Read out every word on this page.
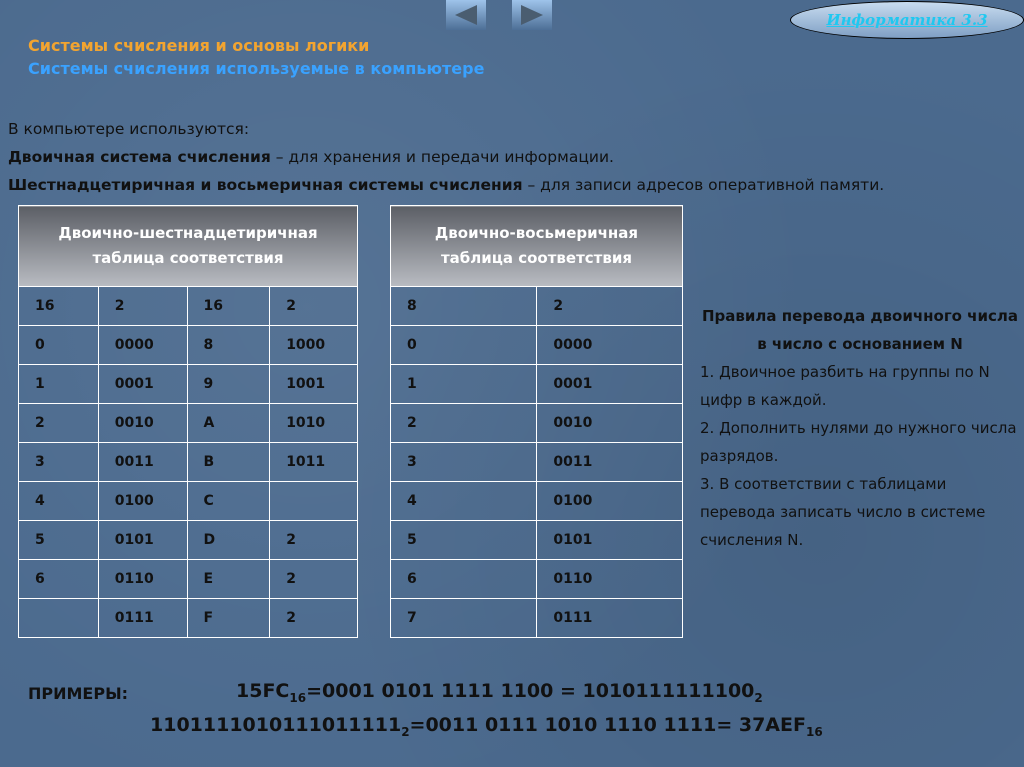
Информатика 3.3
Системы счисления и основы логики
Системы счисления используемые в компьютере
В компьютере используются:
Двоичная система счисления – для хранения и передачи информации.
Шестнадцетиричная и восьмеричная системы счисления – для записи адресов оперативной памяти.
Двоично-шестнадцетиричная
таблица соответствия			
16	2	16	2
0	0000	8	1000
1	0001	9	1001
2	0010	A	1010
3	0011	B	1011
4	0100	C	
5	0101	D	2
6	0110	E	2
	0111	F	2
Двоично-восьмеричная
таблица соответствия	
8	2
0	0000
1	0001
2	0010
3	0011
4	0100
5	0101
6	0110
7	0111
Правила перевода двоичного числа в число с основанием N
1. Двоичное разбить на группы по N цифр в каждой.
2. Дополнить нулями до нужного числа разрядов.
3. В соответствии с таблицами перевода записать число в системе счисления N.
ПРИМЕРЫ:	$15FC_{16}=0001$ 0101 1111 $1100 = 1010111111100_2$
$1101111010111011111_2=0011$ 0111 1010 1110 $1111= 37AEF_{16}$
